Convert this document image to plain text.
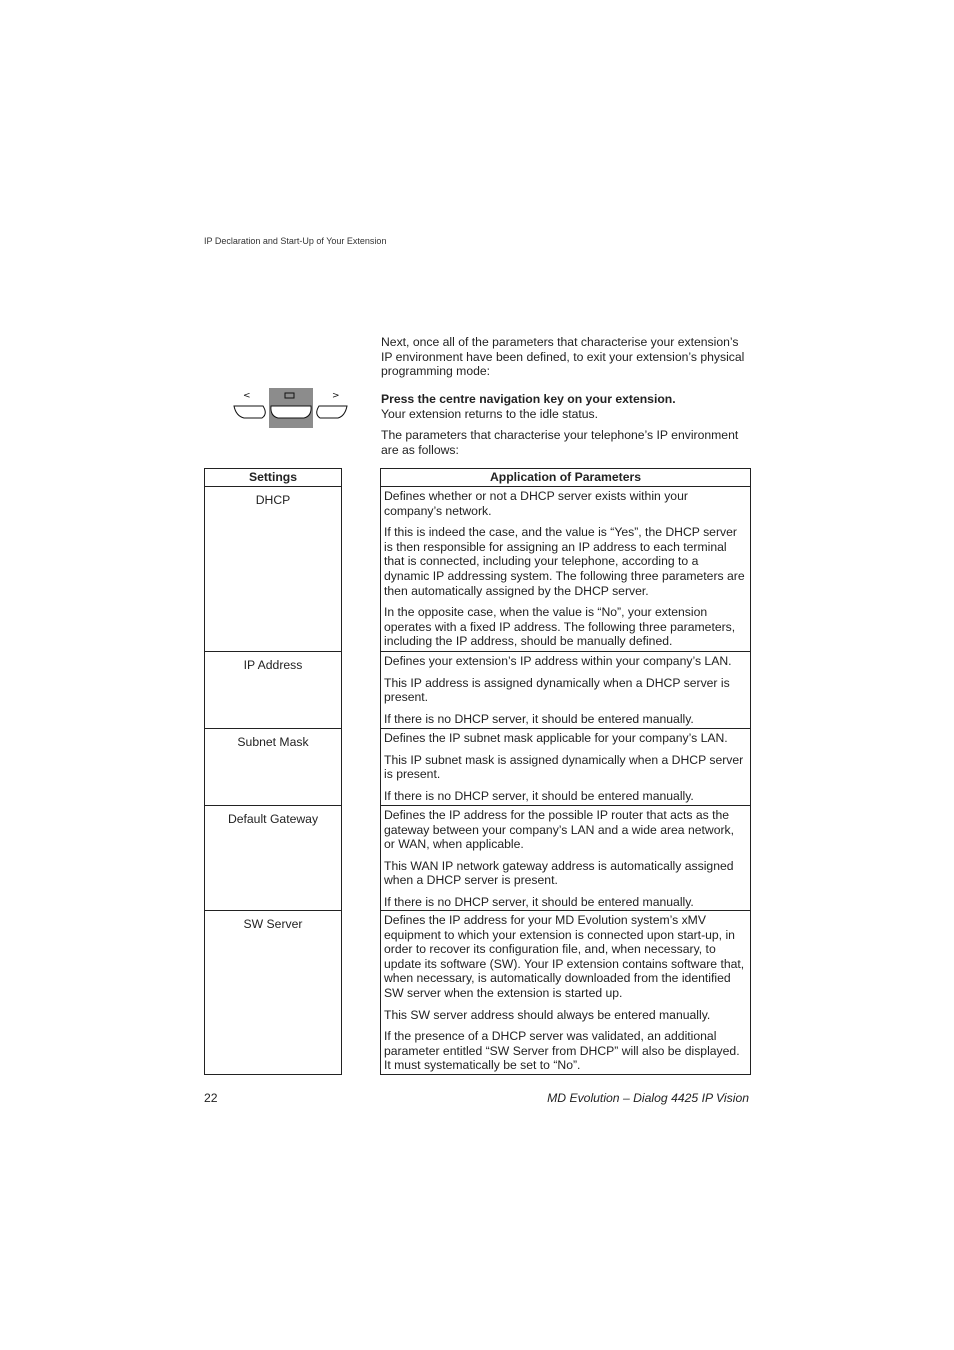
IP Declaration and Start-Up of Your Extension
<	>

Next, once all of the parameters that characterise your extension’s IP environment have been defined, to exit your extension’s physical programming mode:

Press the centre navigation key on your extension.
Your extension returns to the idle status.
The parameters that characterise your telephone’s IP environment are as follows:
Settings	Application of Parameters
DHCP	Defines whether or not a DHCP server exists within your company’s network.

If this is indeed the case, and the value is “Yes”, the DHCP server is then responsible for assigning an IP address to each terminal that is connected, including your telephone, according to a dynamic IP addressing system. The following three parameters are then automatically assigned by the DHCP server.

In the opposite case, when the value is “No”, your extension operates with a fixed IP address. The following three parameters, including the IP address, should be manually defined.

IP Address	Defines your extension’s IP address within your company’s LAN.

This IP address is assigned dynamically when a DHCP server is present.

If there is no DHCP server, it should be entered manually.

Subnet Mask	Defines the IP subnet mask applicable for your company’s LAN.

This IP subnet mask is assigned dynamically when a DHCP server is present.

If there is no DHCP server, it should be entered manually.

Default Gateway	Defines the IP address for the possible IP router that acts as the gateway between your company’s LAN and a wide area network, or WAN, when applicable.

This WAN IP network gateway address is automatically assigned when a DHCP server is present.

If there is no DHCP server, it should be entered manually.

SW Server	Defines the IP address for your MD Evolution system’s xMV equipment to which your extension is connected upon start-up, in order to recover its configuration file, and, when necessary, to update its software (SW). Your IP extension contains software that, when necessary, is automatically downloaded from the identified SW server when the extension is started up.

This SW server address should always be entered manually.

If the presence of a DHCP server was validated, an additional parameter entitled “SW Server from DHCP” will also be displayed. It must systematically be set to “No”.

22	MD Evolution – Dialog 4425 IP Vision
